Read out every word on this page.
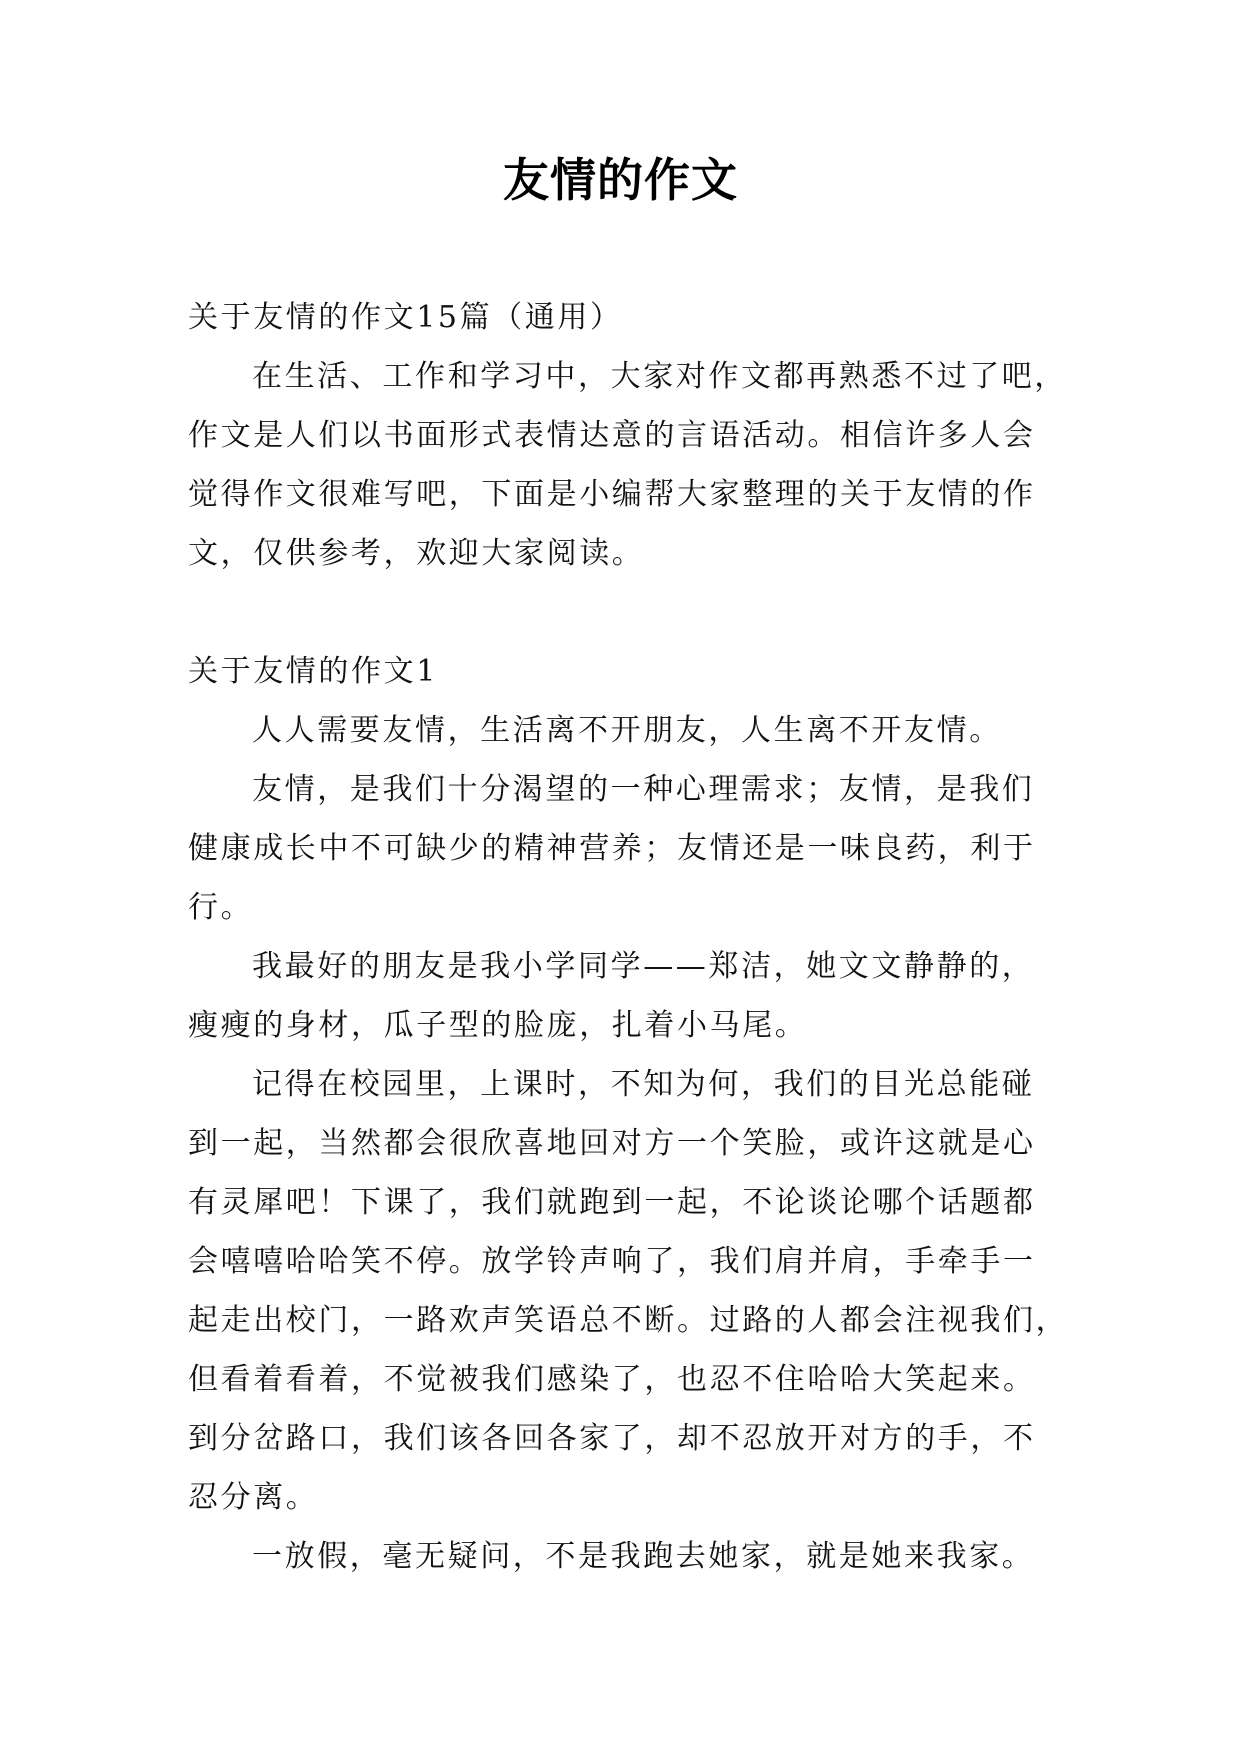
友情的作文
关于友情的作文15篇（通用）
在生活、工作和学习中，大家对作文都再熟悉不过了吧，
作文是人们以书面形式表情达意的言语活动。相信许多人会
觉得作文很难写吧，下面是小编帮大家整理的关于友情的作
文，仅供参考，欢迎大家阅读。
关于友情的作文1
人人需要友情，生活离不开朋友，人生离不开友情。
友情，是我们十分渴望的一种心理需求；友情，是我们
健康成长中不可缺少的精神营养；友情还是一味良药，利于
行。
我最好的朋友是我小学同学——郑洁，她文文静静的，
瘦瘦的身材，瓜子型的脸庞，扎着小马尾。
记得在校园里，上课时，不知为何，我们的目光总能碰
到一起，当然都会很欣喜地回对方一个笑脸，或许这就是心
有灵犀吧！下课了，我们就跑到一起，不论谈论哪个话题都
会嘻嘻哈哈笑不停。放学铃声响了，我们肩并肩，手牵手一
起走出校门，一路欢声笑语总不断。过路的人都会注视我们，
但看着看着，不觉被我们感染了，也忍不住哈哈大笑起来。
到分岔路口，我们该各回各家了，却不忍放开对方的手，不
忍分离。
一放假，毫无疑问，不是我跑去她家，就是她来我家。
